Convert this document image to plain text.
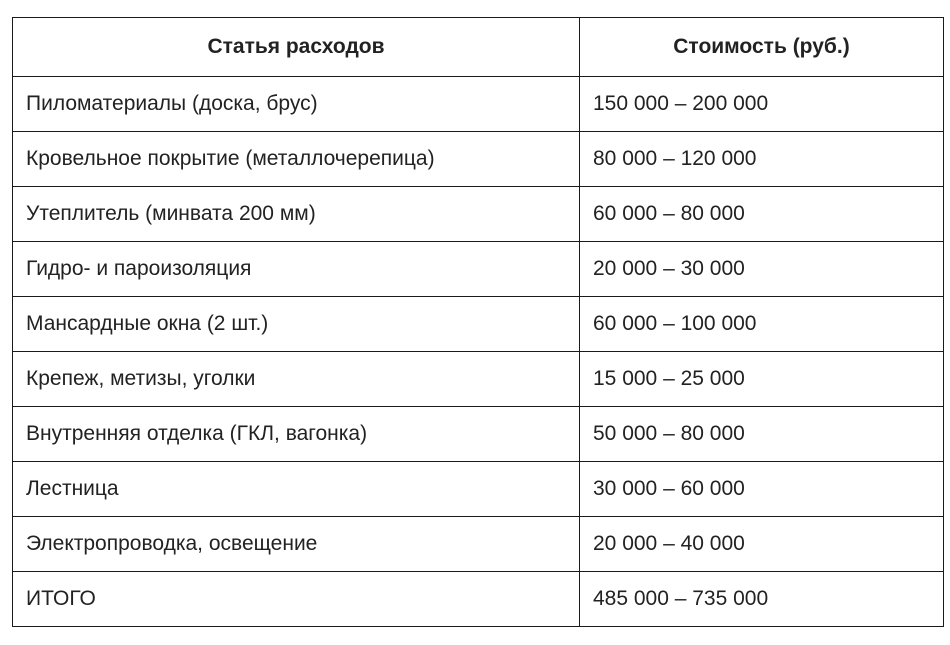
Статья расходов	Стоимость (руб.)
Пиломатериалы (доска, брус)	150 000 – 200 000
Кровельное покрытие (металлочерепица)	80 000 – 120 000
Утеплитель (минвата 200 мм)	60 000 – 80 000
Гидро- и пароизоляция	20 000 – 30 000
Мансардные окна (2 шт.)	60 000 – 100 000
Крепеж, метизы, уголки	15 000 – 25 000
Внутренняя отделка (ГКЛ, вагонка)	50 000 – 80 000
Лестница	30 000 – 60 000
Электропроводка, освещение	20 000 – 40 000
ИТОГО	485 000 – 735 000
